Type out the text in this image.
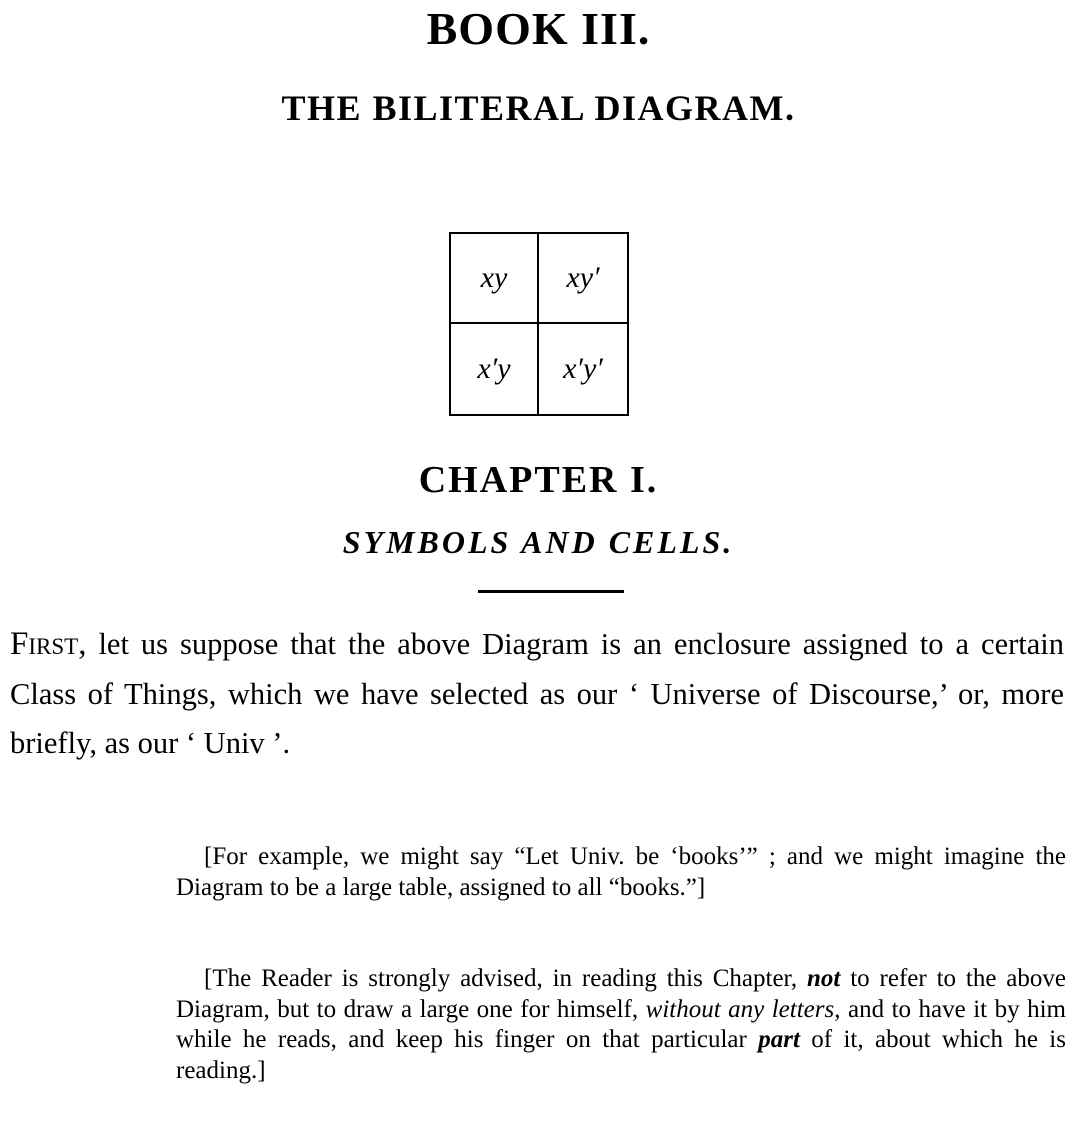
BOOK III.
THE BILITERAL DIAGRAM.
xy	xy′
x′y	x′y′
CHAPTER I.
SYMBOLS AND CELLS.

First, let us suppose that the above Diagram is an enclosure assigned to a certain Class of Things, which we have selected as our ‘ Universe of Discourse,’ or, more briefly, as our ‘ Univ ’.

[For example, we might say “Let Univ. be ‘books’” ; and we might imagine the Diagram to be a large table, assigned to all “books.”]

[The Reader is strongly advised, in reading this Chapter, not to refer to the above Diagram, but to draw a large one for himself, without any letters, and to have it by him while he reads, and keep his finger on that particular part of it, about which he is reading.]
